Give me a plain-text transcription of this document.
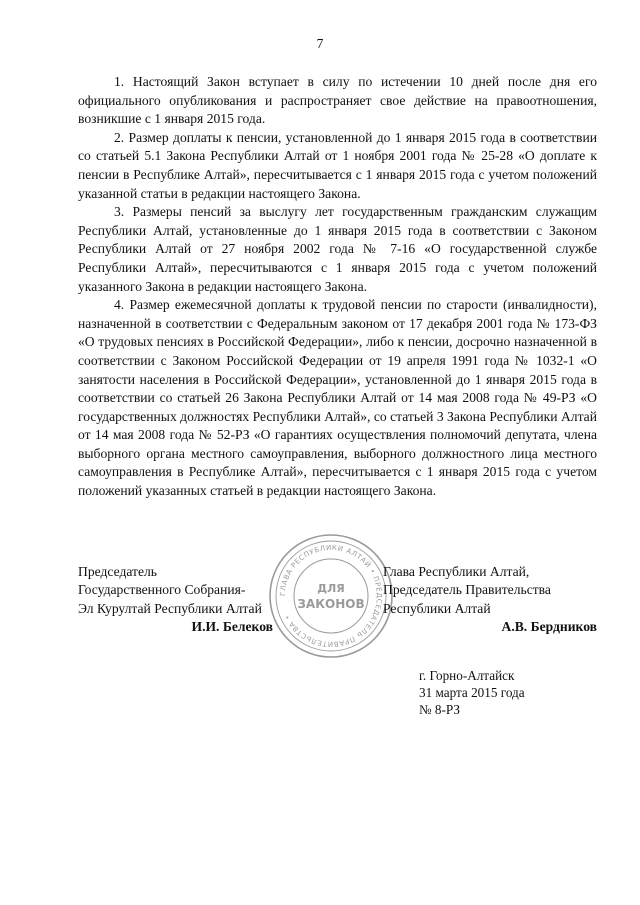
7

1. Настоящий Закон вступает в силу по истечении 10 дней после дня его официального опубликования и распространяет свое действие на правоотношения, возникшие с 1 января 2015 года.

2. Размер доплаты к пенсии, установленной до 1 января 2015 года в соответствии со статьей 5.1 Закона Республики Алтай от 1 ноября 2001 года № 25-28 «О доплате к пенсии в Республике Алтай», пересчитывается с 1 января 2015 года с учетом положений указанной статьи в редакции настоящего Закона.

3. Размеры пенсий за выслугу лет государственным гражданским служащим Республики Алтай, установленные до 1 января 2015 года в соответствии с Законом Республики Алтай от 27 ноября 2002 года № 7-16 «О государственной службе Республики Алтай», пересчитываются с 1 января 2015 года с учетом положений указанного Закона в редакции настоящего Закона.

4. Размер ежемесячной доплаты к трудовой пенсии по старости (инвалидности), назначенной в соответствии с Федеральным законом от 17 декабря 2001 года № 173-ФЗ «О трудовых пенсиях в Российской Федерации», либо к пенсии, досрочно назначенной в соответствии с Законом Российской Федерации от 19 апреля 1991 года № 1032-1 «О занятости населения в Российской Федерации», установленной до 1 января 2015 года в соответствии со статьей 26 Закона Республики Алтай от 14 мая 2008 года № 49-РЗ «О государственных должностях Республики Алтай», со статьей 3 Закона Республики Алтай от 14 мая 2008 года № 52-РЗ «О гарантиях осуществления полномочий депутата, члена выборного органа местного самоуправления, выборного должностного лица местного самоуправления в Республике Алтай», пересчитывается с 1 января 2015 года с учетом положений указанных статьей в редакции настоящего Закона.

Председатель
Государственного Собрания-
Эл Курултай Республики Алтай
И.И. Белеков
ГЛАВА РЕСПУБЛИКИ АЛТАЙ • ПРЕДСЕДАТЕЛЬ ПРАВИТЕЛЬСТВА •
ДЛЯ
ЗАКОНОВ
Глава Республики Алтай,
Председатель Правительства
Республики Алтай
А.В. Бердников
г. Горно-Алтайск
31 марта 2015 года
№ 8-РЗ
